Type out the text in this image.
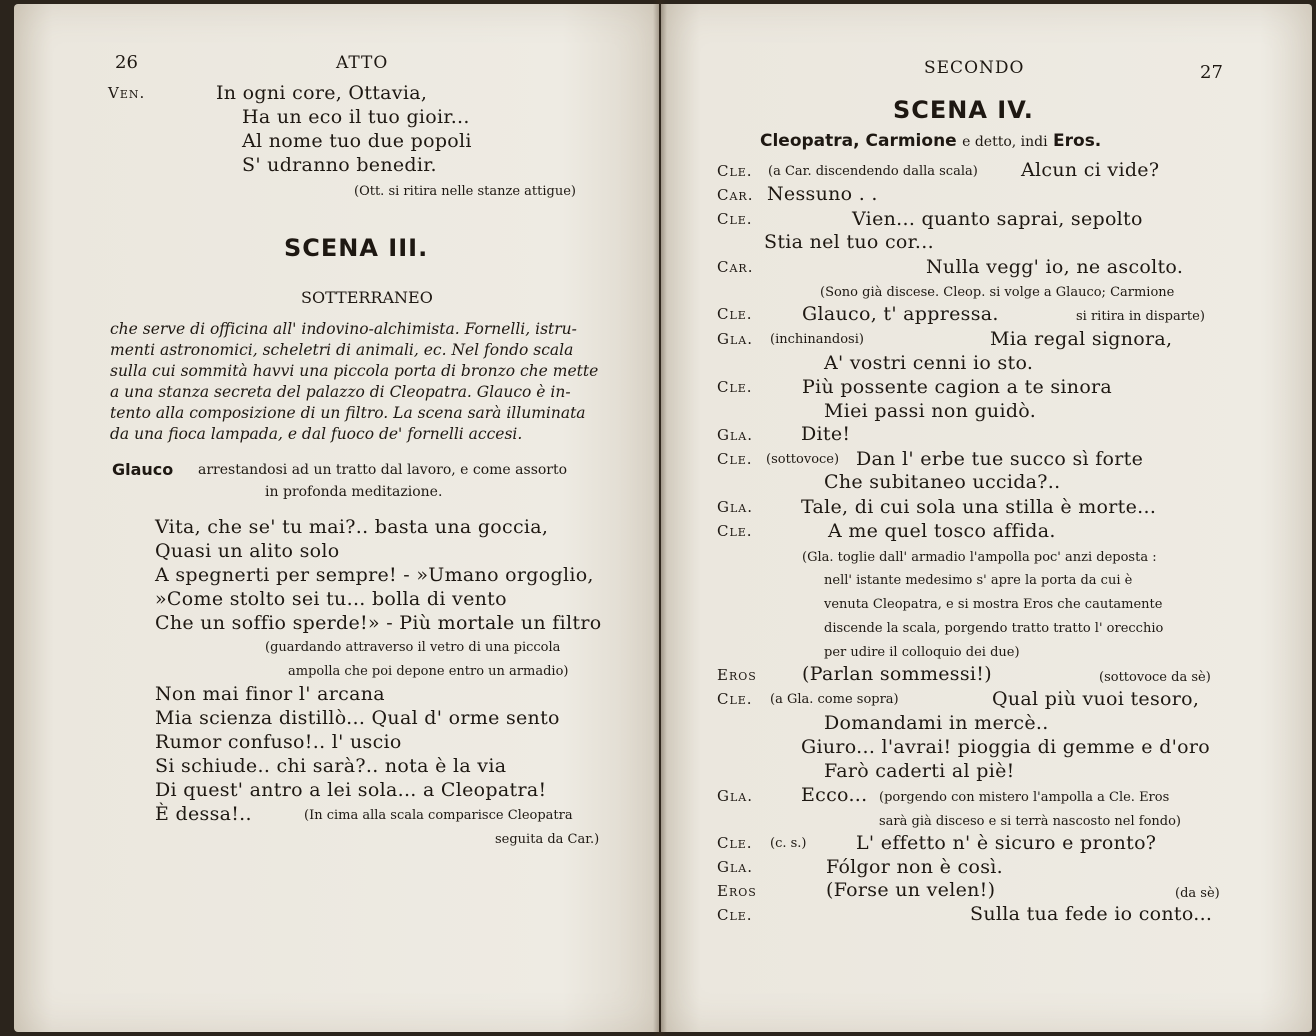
26	ATTO
Ven.	In ogni core, Ottavia,
Ha un eco il tuo gioir...
Al nome tuo due popoli
S' udranno benedir.
(Ott. si ritira nelle stanze attigue)
SCENA III.
SOTTERRANEO
che serve di officina all' indovino-alchimista. Fornelli, istru-
menti astronomici, scheletri di animali, ec. Nel fondo scala
sulla cui sommità havvi una piccola porta di bronzo che mette
a una stanza secreta del palazzo di Cleopatra. Glauco è in-
tento alla composizione di un filtro. La scena sarà illuminata
da una fioca lampada, e dal fuoco de' fornelli accesi.
Glauco arrestandosi ad un tratto dal lavoro, e come assorto
in profonda meditazione.
Vita, che se' tu mai?.. basta una goccia,
Quasi un alito solo
A spegnerti per sempre! - »Umano orgoglio,
»Come stolto sei tu... bolla di vento
Che un soffio sperde!» - Più mortale un filtro
(guardando attraverso il vetro di una piccola
ampolla che poi depone entro un armadio)
Non mai finor l' arcana
Mia scienza distillò... Qual d' orme sento
Rumor confuso!.. l' uscio
Si schiude.. chi sarà?.. nota è la via
Di quest' antro a lei sola... a Cleopatra!
È dessa!..	(In cima alla scala comparisce Cleopatra
seguita da Car.)
SECONDO	27
SCENA IV.
Cleopatra, Carmione e detto, indi Eros.
Cle. (a Car. discendendo dalla scala) Alcun ci vide?
Car. Nessuno . .
Cle.	Vien... quanto saprai, sepolto
Stia nel tuo cor...
Car.	Nulla vegg' io, ne ascolto.
(Sono già discese. Cleop. si volge a Glauco; Carmione
Cle.	Glauco, t' appressa.	si ritira in disparte)
Gla. (inchinandosi)	Mia regal signora,
A' vostri cenni io sto.
Cle.	Più possente cagion a te sinora
Miei passi non guidò.
Gla.	Dite!
Cle. (sottovoce) Dan l' erbe tue succo sì forte
Che subitaneo uccida?..
Gla.	Tale, di cui sola una stilla è morte...
Cle.	A me quel tosco affida.
(Gla. toglie dall' armadio l'ampolla poc' anzi deposta :
nell' istante medesimo s' apre la porta da cui è
venuta Cleopatra, e si mostra Eros che cautamente
discende la scala, porgendo tratto tratto l' orecchio
per udire il colloquio dei due)
Eros (Parlan sommessi!)	(sottovoce da sè)
Cle. (a Gla. come sopra)	Qual più vuoi tesoro,
Domandami in mercè..
Giuro... l'avrai! pioggia di gemme e d'oro
Farò caderti al piè!
Gla.	Ecco... (porgendo con mistero l'ampolla a Cle. Eros
sarà già disceso e si terrà nascosto nel fondo)
Cle. (c. s.)	L' effetto n' è sicuro e pronto?
Gla.	Fólgor non è così.
Eros	(Forse un velen!)	(da sè)
Cle.	Sulla tua fede io conto...
